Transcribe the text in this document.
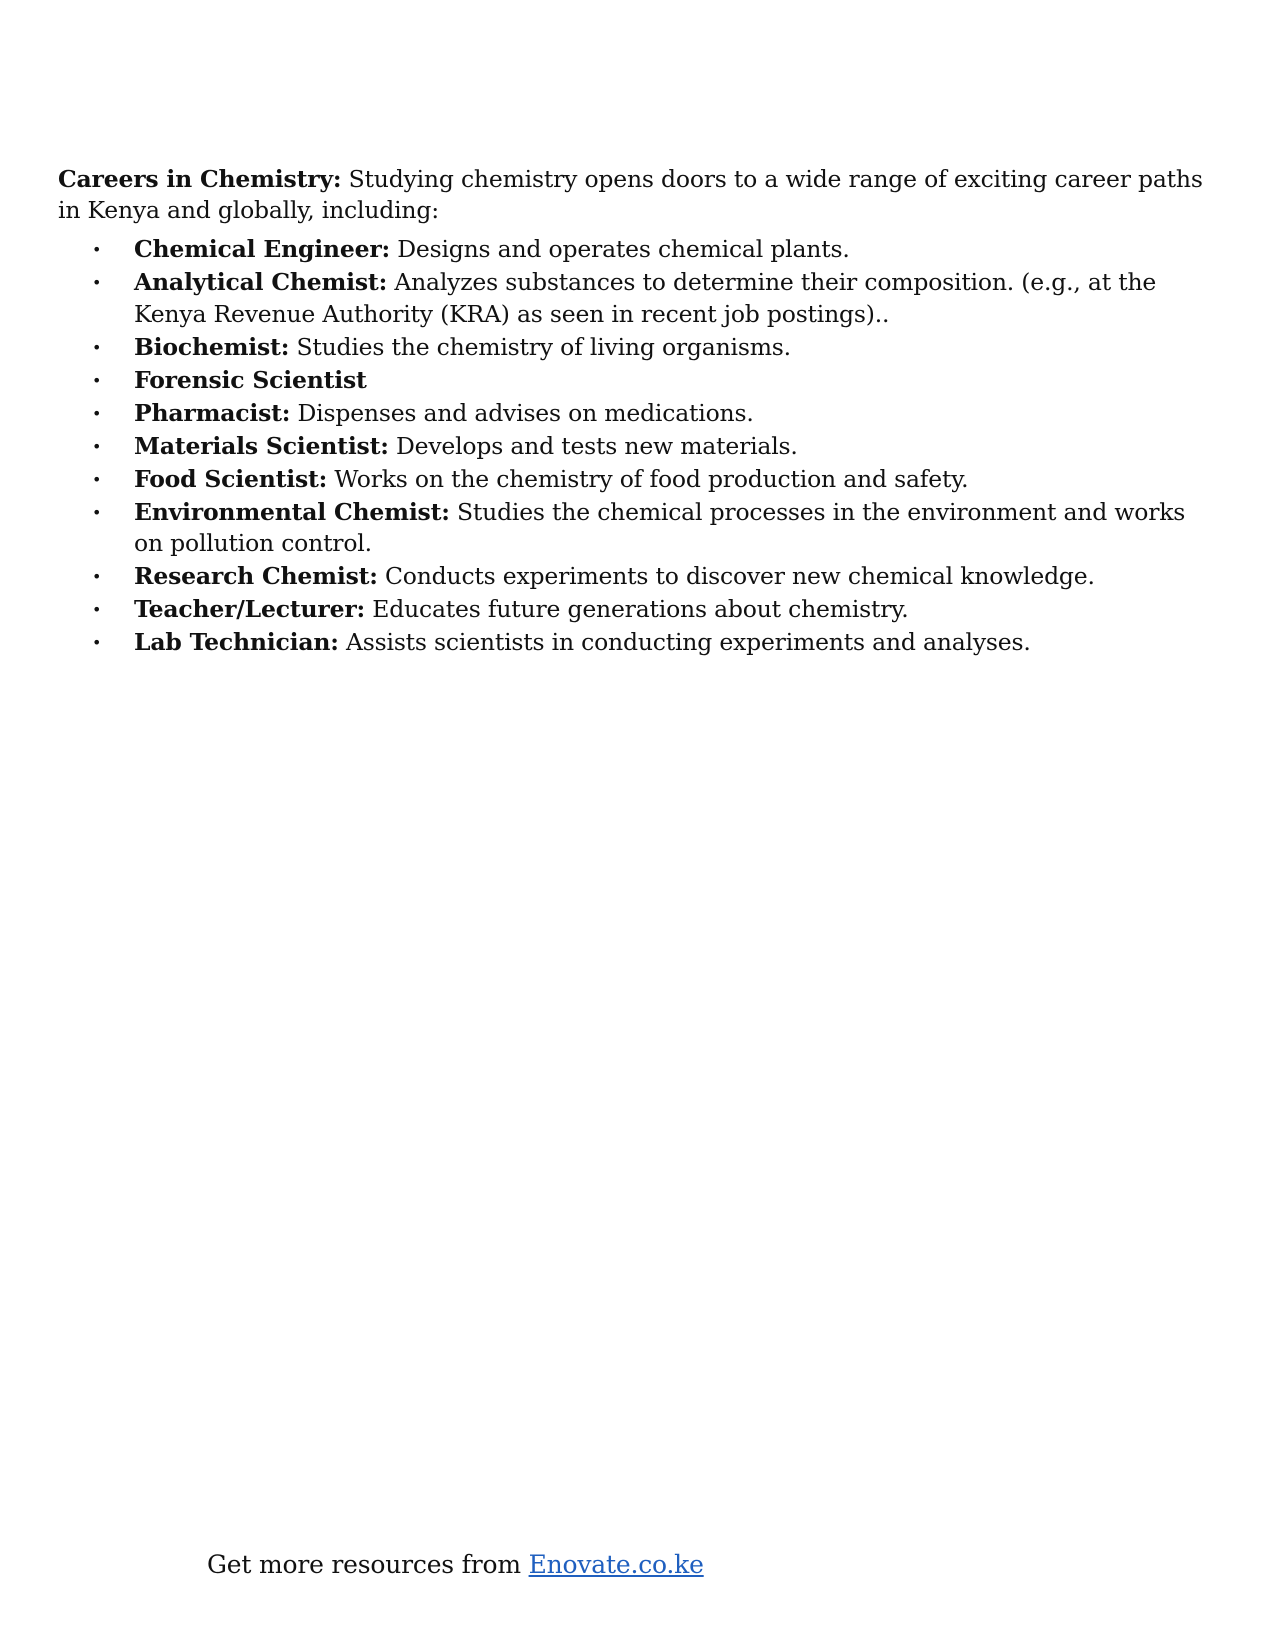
Careers in Chemistry: Studying chemistry opens doors to a wide range of exciting career paths in Kenya and globally, including:

• Chemical Engineer: Designs and operates chemical plants.
• Analytical Chemist: Analyzes substances to determine their composition. (e.g., at the Kenya Revenue Authority (KRA) as seen in recent job postings)..
• Biochemist: Studies the chemistry of living organisms.
• Forensic Scientist
• Pharmacist: Dispenses and advises on medications.
• Materials Scientist: Develops and tests new materials.
• Food Scientist: Works on the chemistry of food production and safety.
• Environmental Chemist: Studies the chemical processes in the environment and works on pollution control.
• Research Chemist: Conducts experiments to discover new chemical knowledge.
• Teacher/Lecturer: Educates future generations about chemistry.
• Lab Technician: Assists scientists in conducting experiments and analyses.
Get more resources from Enovate.co.ke
